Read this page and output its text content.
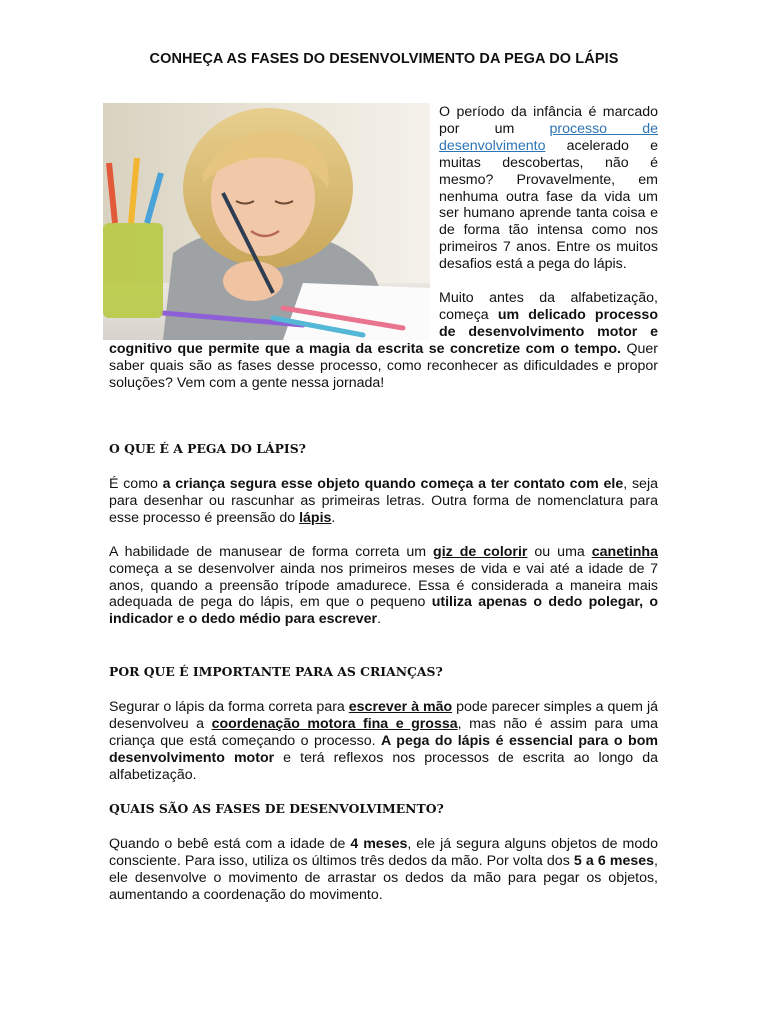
CONHEÇA AS FASES DO DESENVOLVIMENTO DA PEGA DO LÁPIS

O período da infância é marcado por um processo de desenvolvimento acelerado e muitas descobertas, não é mesmo? Provavelmente, em nenhuma outra fase da vida um ser humano aprende tanta coisa e de forma tão intensa como nos primeiros 7 anos. Entre os muitos desafios está a pega do lápis.

Muito antes da alfabetização, começa um delicado processo de desenvolvimento motor e cognitivo que permite que a magia da escrita se concretize com o tempo. Quer saber quais são as fases desse processo, como reconhecer as dificuldades e propor soluções? Vem com a gente nessa jornada!

O QUE É A PEGA DO LÁPIS?

É como a criança segura esse objeto quando começa a ter contato com ele, seja para desenhar ou rascunhar as primeiras letras. Outra forma de nomenclatura para esse processo é preensão do lápis.

A habilidade de manusear de forma correta um giz de colorir ou uma canetinha começa a se desenvolver ainda nos primeiros meses de vida e vai até a idade de 7 anos, quando a preensão trípode amadurece. Essa é considerada a maneira mais adequada de pega do lápis, em que o pequeno utiliza apenas o dedo polegar, o indicador e o dedo médio para escrever.

POR QUE É IMPORTANTE PARA AS CRIANÇAS?

Segurar o lápis da forma correta para escrever à mão pode parecer simples a quem já desenvolveu a coordenação motora fina e grossa, mas não é assim para uma criança que está começando o processo. A pega do lápis é essencial para o bom desenvolvimento motor e terá reflexos nos processos de escrita ao longo da alfabetização.

QUAIS SÃO AS FASES DE DESENVOLVIMENTO?

Quando o bebê está com a idade de 4 meses, ele já segura alguns objetos de modo consciente. Para isso, utiliza os últimos três dedos da mão. Por volta dos 5 a 6 meses, ele desenvolve o movimento de arrastar os dedos da mão para pegar os objetos, aumentando a coordenação do movimento.
